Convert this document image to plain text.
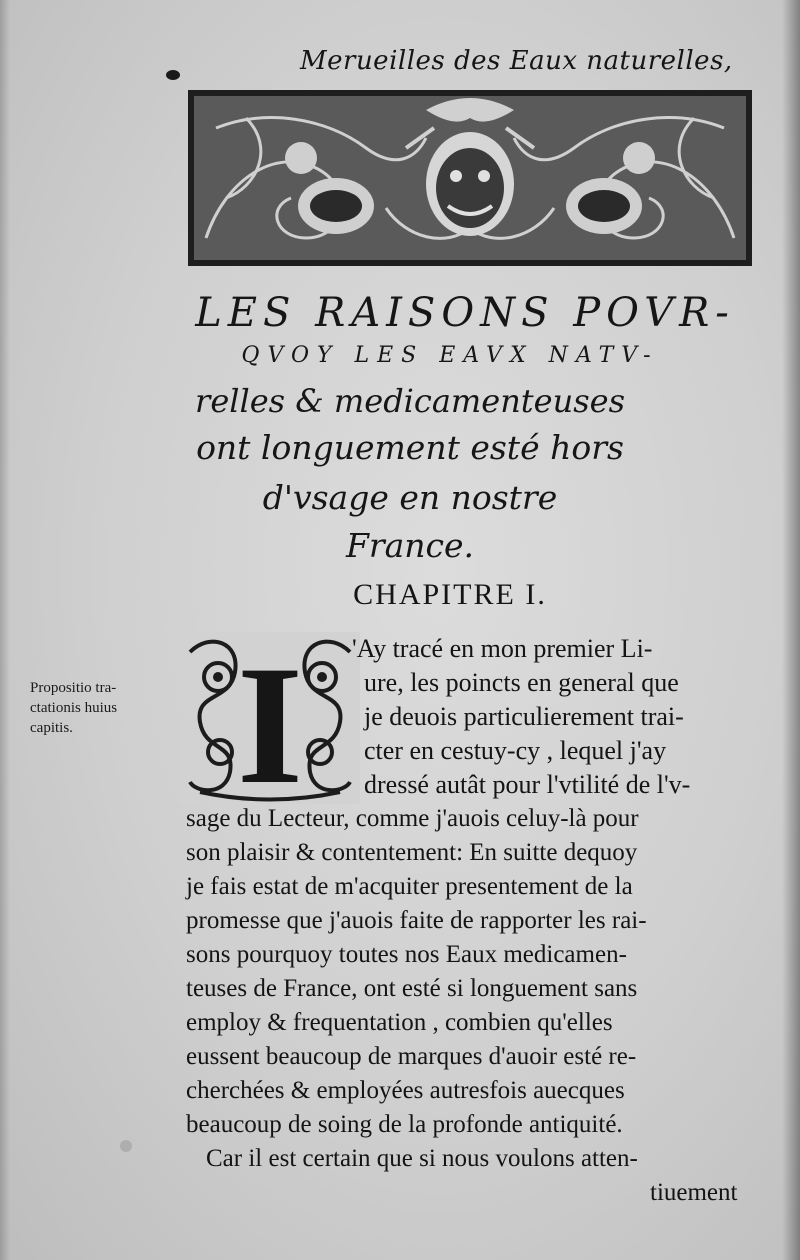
Merueilles des Eaux naturelles,
LES RAISONS POVR-
QVOY LES EAVX NATV-
relles & medicamenteuses
ont longuement esté hors
d'vsage en nostre
France.
CHAPITRE I.
Propositio tra-
ctationis huius
capitis. I 'Ay tracé en mon premier Li-
ure, les poincts en general que
je deuois particulierement trai-
cter en cestuy-cy , lequel j'ay
dressé autât pour l'vtilité de l'v-
sage du Lecteur, comme j'auois celuy-là pour
son plaisir & contentement: En suitte dequoy
je fais estat de m'acquiter presentement de la
promesse que j'auois faite de rapporter les rai-
sons pourquoy toutes nos Eaux medicamen-
teuses de France, ont esté si longuement sans
employ & frequentation , combien qu'elles
eussent beaucoup de marques d'auoir esté re-
cherchées & employées autresfois auecques
beaucoup de soing de la profonde antiquité.
Car il est certain que si nous voulons atten-
tiuement
